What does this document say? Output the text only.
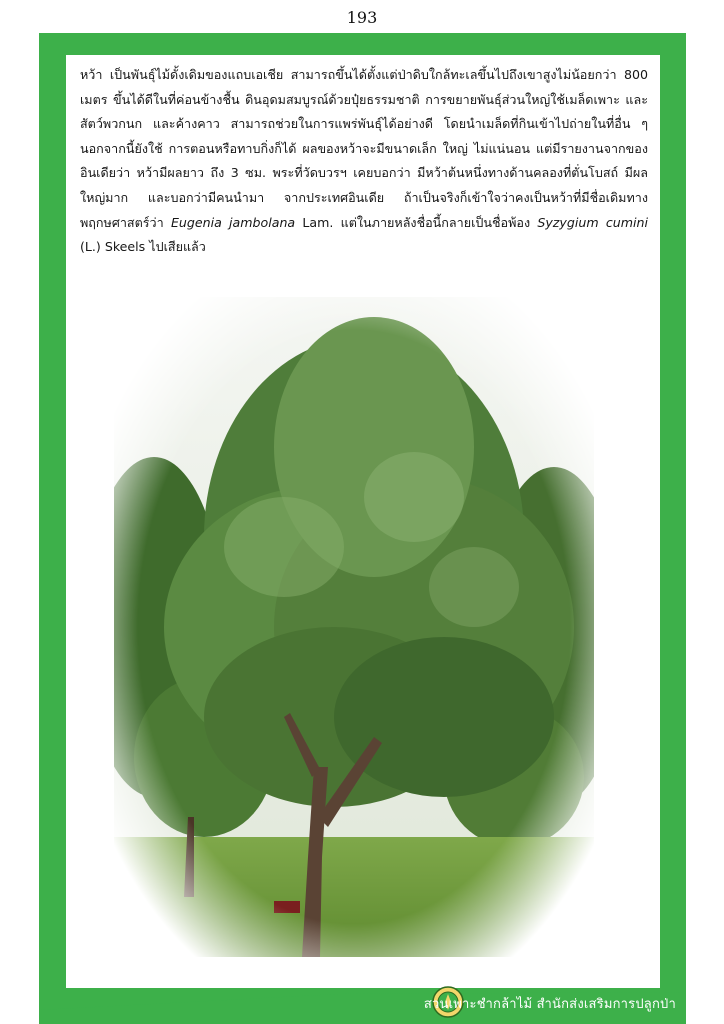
193

หว้า เป็นพันธุ์ไม้ดั้งเดิมของแถบเอเชีย สามารถขึ้นได้ตั้งแต่ป่าดิบใกล้ทะเลขึ้นไปถึงเขาสูงไม่น้อยกว่า 800 เมตร ขึ้นได้ดีในที่ค่อนข้างชื้น ดินอุดมสมบูรณ์ด้วยปุ๋ยธรรมชาติ การขยายพันธุ์ส่วนใหญ่ใช้เมล็ดเพาะ และสัตว์พวกนก และค้างคาว สามารถช่วยในการแพร่พันธุ์ได้อย่างดี โดยนำเมล็ดที่กินเข้าไปถ่ายในที่อื่น ๆ นอกจากนี้ยังใช้ การตอนหรือทาบกิ่งก็ได้ ผลของหว้าจะมีขนาดเล็ก ใหญ่ ไม่แน่นอน แต่มีรายงานจากของอินเดียว่า หว้ามีผลยาว ถึง 3 ซม. พระที่วัดบวรฯ เคยบอกว่า มีหว้าต้นหนึ่งทางด้านคลองที่ตั่นโบสถ์ มีผลใหญ่มาก และบอกว่ามีคนนำมา จากประเทศอินเดีย ถ้าเป็นจริงก็เข้าใจว่าคงเป็นหว้าที่มีชื่อเดิมทางพฤกษศาสตร์ว่า Eugenia jambolana Lam. แต่ในภายหลังชื่อนี้กลายเป็นชื่อพ้อง Syzygium cumini (L.) Skeels ไปเสียแล้ว

สวนเพาะชำกล้าไม้ สำนักส่งเสริมการปลูกป่า
